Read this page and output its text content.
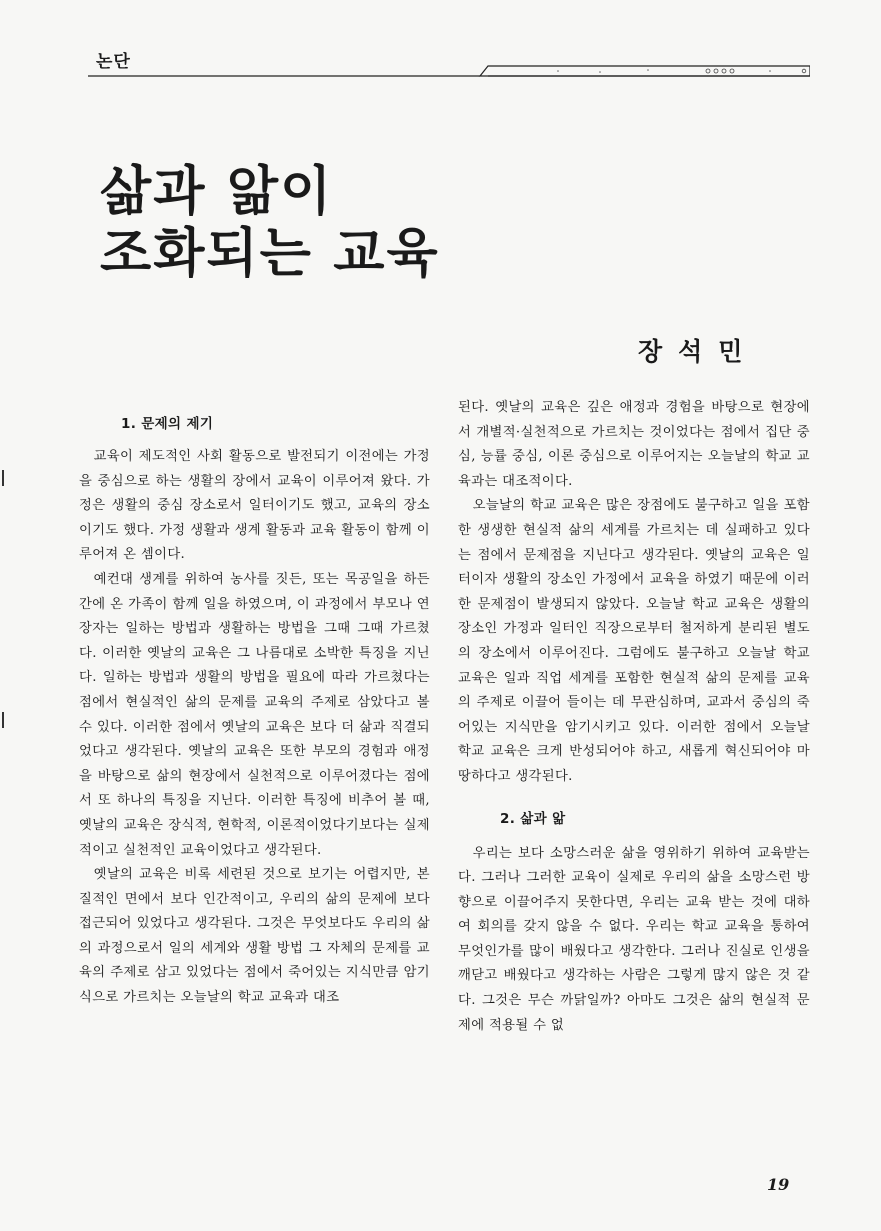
논단
삶과 앎이
조화되는 교육

장석민

1. 문제의 제기

교육이 제도적인 사회 활동으로 발전되기 이전에는 가정을 중심으로 하는 생활의 장에서 교육이 이루어져 왔다. 가정은 생활의 중심 장소로서 일터이기도 했고, 교육의 장소이기도 했다. 가정 생활과 생계 활동과 교육 활동이 함께 이루어져 온 셈이다.

예컨대 생계를 위하여 농사를 짓든, 또는 목공일을 하든간에 온 가족이 함께 일을 하였으며, 이 과정에서 부모나 연장자는 일하는 방법과 생활하는 방법을 그때 그때 가르쳤다. 이러한 옛날의 교육은 그 나름대로 소박한 특징을 지닌다. 일하는 방법과 생활의 방법을 필요에 따라 가르쳤다는 점에서 현실적인 삶의 문제를 교육의 주제로 삼았다고 볼 수 있다. 이러한 점에서 옛날의 교육은 보다 더 삶과 직결되었다고 생각된다. 옛날의 교육은 또한 부모의 경험과 애정을 바탕으로 삶의 현장에서 실천적으로 이루어졌다는 점에서 또 하나의 특징을 지닌다. 이러한 특징에 비추어 볼 때, 옛날의 교육은 장식적, 현학적, 이론적이었다기보다는 실제적이고 실천적인 교육이었다고 생각된다.

옛날의 교육은 비록 세련된 것으로 보기는 어렵지만, 본질적인 면에서 보다 인간적이고, 우리의 삶의 문제에 보다 접근되어 있었다고 생각된다. 그것은 무엇보다도 우리의 삶의 과정으로서 일의 세계와 생활 방법 그 자체의 문제를 교육의 주제로 삼고 있었다는 점에서 죽어있는 지식만큼 암기식으로 가르치는 오늘날의 학교 교육과 대조

된다. 옛날의 교육은 깊은 애정과 경험을 바탕으로 현장에서 개별적·실천적으로 가르치는 것이었다는 점에서 집단 중심, 능률 중심, 이론 중심으로 이루어지는 오늘날의 학교 교육과는 대조적이다.

오늘날의 학교 교육은 많은 장점에도 불구하고 일을 포함한 생생한 현실적 삶의 세계를 가르치는 데 실패하고 있다는 점에서 문제점을 지닌다고 생각된다. 옛날의 교육은 일터이자 생활의 장소인 가정에서 교육을 하였기 때문에 이러한 문제점이 발생되지 않았다. 오늘날 학교 교육은 생활의 장소인 가정과 일터인 직장으로부터 철저하게 분리된 별도의 장소에서 이루어진다. 그럼에도 불구하고 오늘날 학교 교육은 일과 직업 세계를 포함한 현실적 삶의 문제를 교육의 주제로 이끌어 들이는 데 무관심하며, 교과서 중심의 죽어있는 지식만을 암기시키고 있다. 이러한 점에서 오늘날 학교 교육은 크게 반성되어야 하고, 새롭게 혁신되어야 마땅하다고 생각된다.

2. 삶과 앎

우리는 보다 소망스러운 삶을 영위하기 위하여 교육받는다. 그러나 그러한 교육이 실제로 우리의 삶을 소망스런 방향으로 이끌어주지 못한다면, 우리는 교육 받는 것에 대하여 회의를 갖지 않을 수 없다. 우리는 학교 교육을 통하여 무엇인가를 많이 배웠다고 생각한다. 그러나 진실로 인생을 깨닫고 배웠다고 생각하는 사람은 그렇게 많지 않은 것 같다. 그것은 무슨 까닭일까? 아마도 그것은 삶의 현실적 문제에 적용될 수 없

19
